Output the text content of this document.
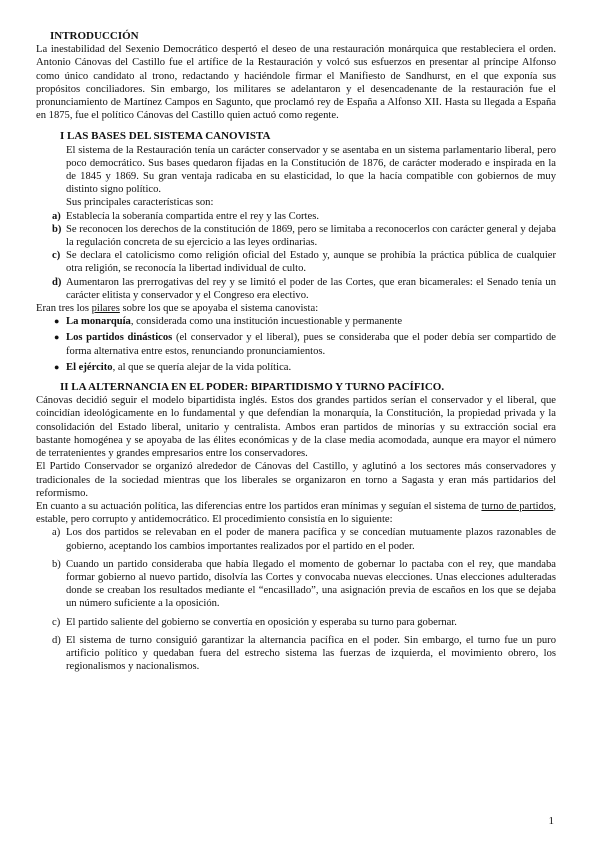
INTRODUCCIÓN

La inestabilidad del Sexenio Democrático despertó el deseo de una restauración monárquica que restableciera el orden. Antonio Cánovas del Castillo fue el artífice de la Restauración y volcó sus esfuerzos en presentar al príncipe Alfonso como único candidato al trono, redactando y haciéndole firmar el Manifiesto de Sandhurst, en el que exponía sus propósitos conciliadores. Sin embargo, los militares se adelantaron y el desencadenante de la restauración fue el pronunciamiento de Martínez Campos en Sagunto, que proclamó rey de España a Alfonso XII. Hasta su llegada a España en 1875, fue el político Cánovas del Castillo quien actuó como regente.

I LAS BASES DEL SISTEMA CANOVISTA

El sistema de la Restauración tenía un carácter conservador y se asentaba en un sistema parlamentario liberal, pero poco democrático. Sus bases quedaron fijadas en la Constitución de 1876, de carácter moderado e inspirada en la de 1845 y 1869. Su gran ventaja radicaba en su elasticidad, lo que la hacía compatible con gobiernos de muy distinto signo político.

Sus principales características son:

a) Establecía la soberanía compartida entre el rey y las Cortes.
b) Se reconocen los derechos de la constitución de 1869, pero se limitaba a reconocerlos con carácter general y dejaba la regulación concreta de su ejercicio a las leyes ordinarias.
c) Se declara el catolicismo como religión oficial del Estado y, aunque se prohibía la práctica pública de cualquier otra religión, se reconocía la libertad individual de culto.
d) Aumentaron las prerrogativas del rey y se limitó el poder de las Cortes, que eran bicamerales: el Senado tenía un carácter elitista y conservador y el Congreso era electivo.

Eran tres los pilares sobre los que se apoyaba el sistema canovista:

● La monarquía, considerada como una institución incuestionable y permanente
● Los partidos dinásticos (el conservador y el liberal), pues se consideraba que el poder debía ser compartido de forma alternativa entre estos, renunciando pronunciamientos.
● El ejército, al que se quería alejar de la vida política.
II LA ALTERNANCIA EN EL PODER: BIPARTIDISMO Y TURNO PACÍFICO.

Cánovas decidió seguir el modelo bipartidista inglés. Estos dos grandes partidos serían el conservador y el liberal, que coincidían ideológicamente en lo fundamental y que defendían la monarquía, la Constitución, la propiedad privada y la consolidación del Estado liberal, unitario y centralista. Ambos eran partidos de minorías y su extracción social era bastante homogénea y se apoyaba de las élites económicas y de la clase media acomodada, aunque era mayor el número de terratenientes y grandes empresarios entre los conservadores.

El Partido Conservador se organizó alrededor de Cánovas del Castillo, y aglutinó a los sectores más conservadores y tradicionales de la sociedad mientras que los liberales se organizaron en torno a Sagasta y eran más partidarios del reformismo.

En cuanto a su actuación política, las diferencias entre los partidos eran mínimas y seguían el sistema de turno de partidos, estable, pero corrupto y antidemocrático. El procedimiento consistía en lo siguiente:

a) Los dos partidos se relevaban en el poder de manera pacífica y se concedían mutuamente plazos razonables de gobierno, aceptando los cambios importantes realizados por el partido en el poder.
b) Cuando un partido consideraba que había llegado el momento de gobernar lo pactaba con el rey, que mandaba formar gobierno al nuevo partido, disolvía las Cortes y convocaba nuevas elecciones. Unas elecciones adulteradas donde se creaban los resultados mediante el “encasillado”, una asignación previa de escaños en los que se dejaba un número suficiente a la oposición.
c) El partido saliente del gobierno se convertía en oposición y esperaba su turno para gobernar.
d) El sistema de turno consiguió garantizar la alternancia pacífica en el poder. Sin embargo, el turno fue un puro artificio político y quedaban fuera del estrecho sistema las fuerzas de izquierda, el movimiento obrero, los regionalismos y nacionalismos.
1
